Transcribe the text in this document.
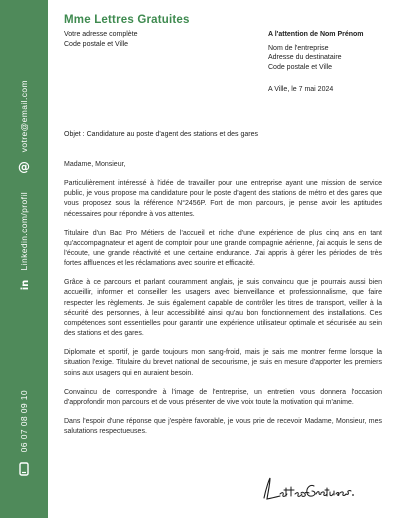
votre@email.com
@
Linkedin.com/profil
in
06 07 08 09 10
Mme Lettres Gratuites
Votre adresse complète
Code postale et Ville
A l'attention de Nom Prénom
Nom de l'entreprise
Adresse du destinataire
Code postale et Ville
A Ville, le 7 mai 2024
Objet : Candidature au poste d'agent des stations et des gares

Madame, Monsieur,

Particulièrement intéressé à l'idée de travailler pour une entreprise ayant une mission de service public, je vous propose ma candidature pour le poste d'agent des stations de métro et des gares que vous proposez sous la référence N°2456P. Fort de mon parcours, je pense avoir les aptitudes nécessaires pour répondre à vos attentes.

Titulaire d'un Bac Pro Métiers de l'accueil et riche d'une expérience de plus cinq ans en tant qu'accompagnateur et agent de comptoir pour une grande compagnie aérienne, j'ai acquis le sens de l'écoute, une grande réactivité et une certaine endurance. J'ai appris à gérer les périodes de très fortes affluences et les réclamations avec sourire et efficacité.

Grâce à ce parcours et parlant couramment anglais, je suis convaincu que je pourrais aussi bien accueillir, informer et conseiller les usagers avec bienveillance et professionnalisme, que faire respecter les règlements. Je suis également capable de contrôler les titres de transport, veiller à la sécurité des personnes, à leur accessibilité ainsi qu'au bon fonctionnement des installations. Ces compétences sont essentielles pour garantir une expérience utilisateur optimale et sécurisée au sein des stations et des gares.

Diplomate et sportif, je garde toujours mon sang-froid, mais je sais me montrer ferme lorsque la situation l'exige. Titulaire du brevet national de secourisme, je suis en mesure d'apporter les premiers soins aux usagers qui en auraient besoin.

Convaincu de correspondre à l'image de l'entreprise, un entretien vous donnera l'occasion d'approfondir mon parcours et de vous présenter de vive voix toute la motivation qui m'anime.

Dans l'espoir d'une réponse que j'espère favorable, je vous prie de recevoir Madame, Monsieur, mes salutations respectueuses.
